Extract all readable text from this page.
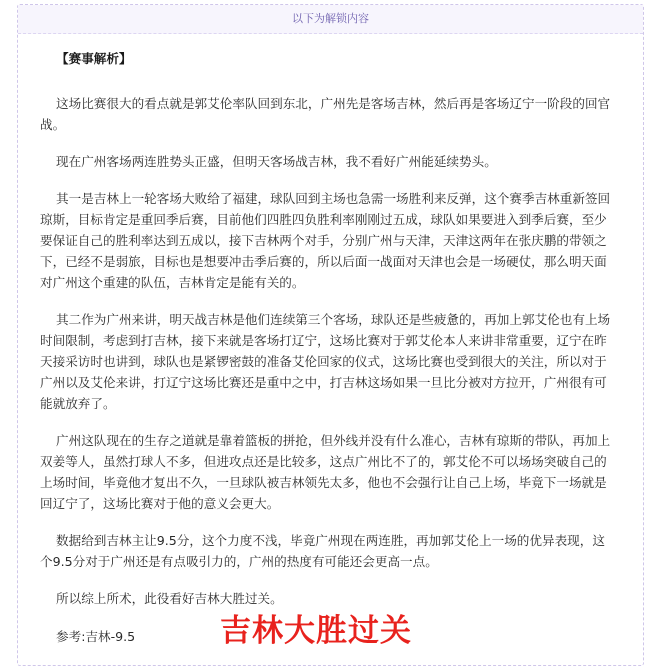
以下为解锁内容

【赛事解析】

这场比赛很大的看点就是郭艾伦率队回到东北，广州先是客场吉林，然后再是客场辽宁一阶段的回官战。

现在广州客场两连胜势头正盛，但明天客场战吉林，我不看好广州能延续势头。

其一是吉林上一轮客场大败给了福建，球队回到主场也急需一场胜利来反弹，这个赛季吉林重新签回琼斯，目标肯定是重回季后赛，目前他们四胜四负胜利率刚刚过五成，球队如果要进入到季后赛，至少要保证自己的胜利率达到五成以，接下吉林两个对手，分别广州与天津，天津这两年在张庆鹏的带领之下，已经不是弱旅，目标也是想要冲击季后赛的，所以后面一战面对天津也会是一场硬仗，那么明天面对广州这个重建的队伍，吉林肯定是能有关的。

其二作为广州来讲，明天战吉林是他们连续第三个客场，球队还是些疲惫的，再加上郭艾伦也有上场时间限制，考虑到打吉林，接下来就是客场打辽宁，这场比赛对于郭艾伦本人来讲非常重要，辽宁在昨天接采访时也讲到，球队也是紧锣密鼓的准备艾伦回家的仪式，这场比赛也受到很大的关注，所以对于广州以及艾伦来讲，打辽宁这场比赛还是重中之中，打吉林这场如果一旦比分被对方拉开，广州很有可能就放弃了。

广州这队现在的生存之道就是靠着篮板的拼抢，但外线并没有什么准心，吉林有琼斯的带队，再加上双姜等人，虽然打球人不多，但进攻点还是比较多，这点广州比不了的，郭艾伦不可以场场突破自己的上场时间，毕竟他才复出不久，一旦球队被吉林领先太多，他也不会强行让自己上场，毕竟下一场就是回辽宁了，这场比赛对于他的意义会更大。

数据给到吉林主让9.5分，这个力度不浅，毕竟广州现在两连胜，再加郭艾伦上一场的优异表现，这个9.5分对于广州还是有点吸引力的，广州的热度有可能还会更高一点。

所以综上所术，此役看好吉林大胜过关。

参考:吉林-9.5	吉林大胜过关
